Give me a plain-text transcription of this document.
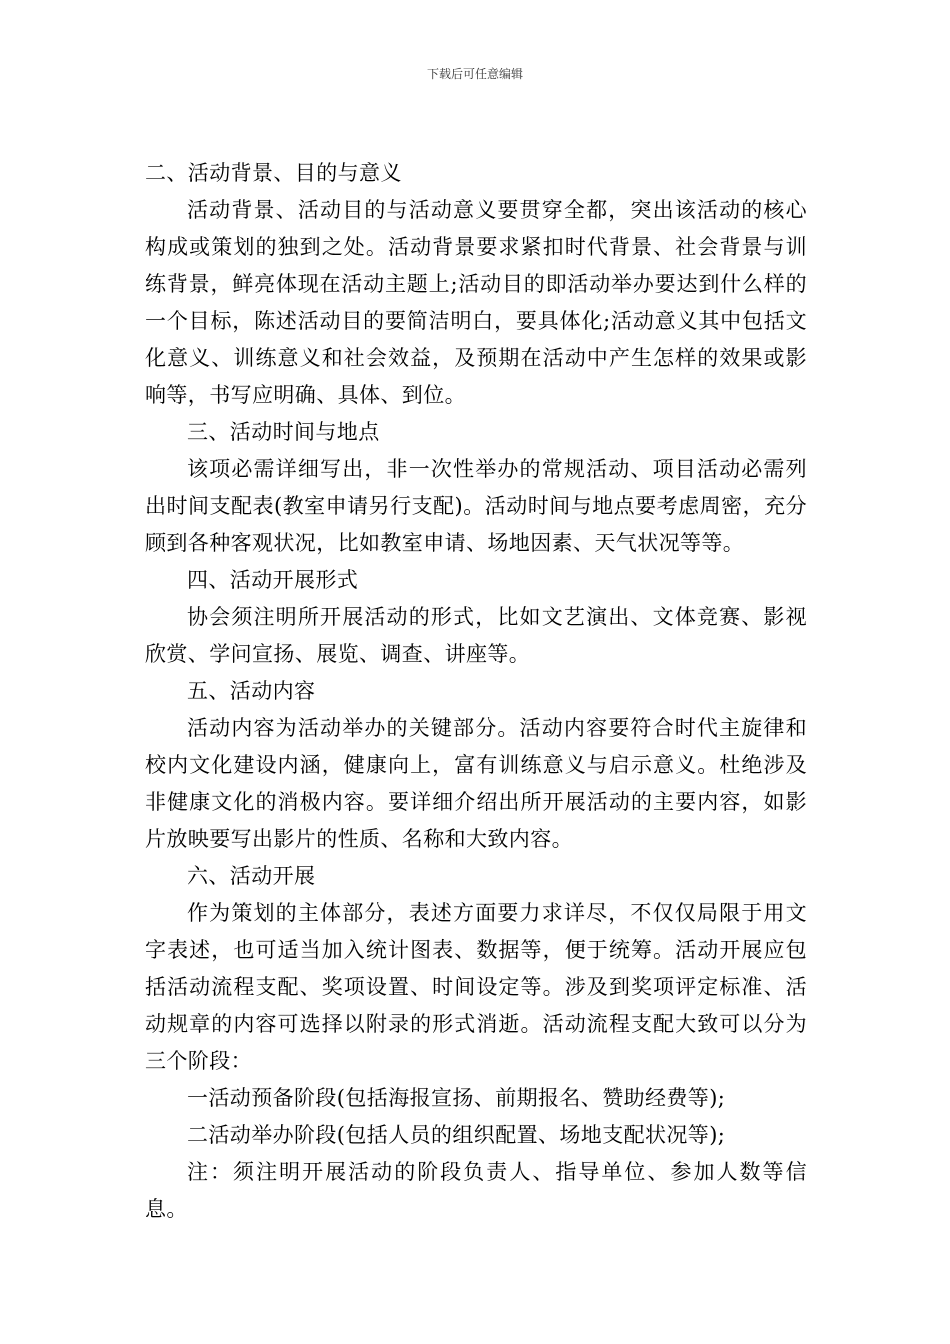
下载后可任意编辑

二、活动背景、目的与意义

活动背景、活动目的与活动意义要贯穿全都，突出该活动的核心构成或策划的独到之处。活动背景要求紧扣时代背景、社会背景与训练背景，鲜亮体现在活动主题上;活动目的即活动举办要达到什么样的一个目标，陈述活动目的要简洁明白，要具体化;活动意义其中包括文化意义、训练意义和社会效益，及预期在活动中产生怎样的效果或影响等，书写应明确、具体、到位。

三、活动时间与地点

该项必需详细写出，非一次性举办的常规活动、项目活动必需列出时间支配表(教室申请另行支配)。活动时间与地点要考虑周密，充分顾到各种客观状况，比如教室申请、场地因素、天气状况等等。

四、活动开展形式

协会须注明所开展活动的形式，比如文艺演出、文体竞赛、影视欣赏、学问宣扬、展览、调查、讲座等。

五、活动内容

活动内容为活动举办的关键部分。活动内容要符合时代主旋律和校内文化建设内涵，健康向上，富有训练意义与启示意义。杜绝涉及非健康文化的消极内容。要详细介绍出所开展活动的主要内容，如影片放映要写出影片的性质、名称和大致内容。

六、活动开展

作为策划的主体部分，表述方面要力求详尽，不仅仅局限于用文字表述，也可适当加入统计图表、数据等，便于统筹。活动开展应包括活动流程支配、奖项设置、时间设定等。涉及到奖项评定标准、活动规章的内容可选择以附录的形式消逝。活动流程支配大致可以分为三个阶段：

一活动预备阶段(包括海报宣扬、前期报名、赞助经费等);

二活动举办阶段(包括人员的组织配置、场地支配状况等);

注：须注明开展活动的阶段负责人、指导单位、参加人数等信息。
